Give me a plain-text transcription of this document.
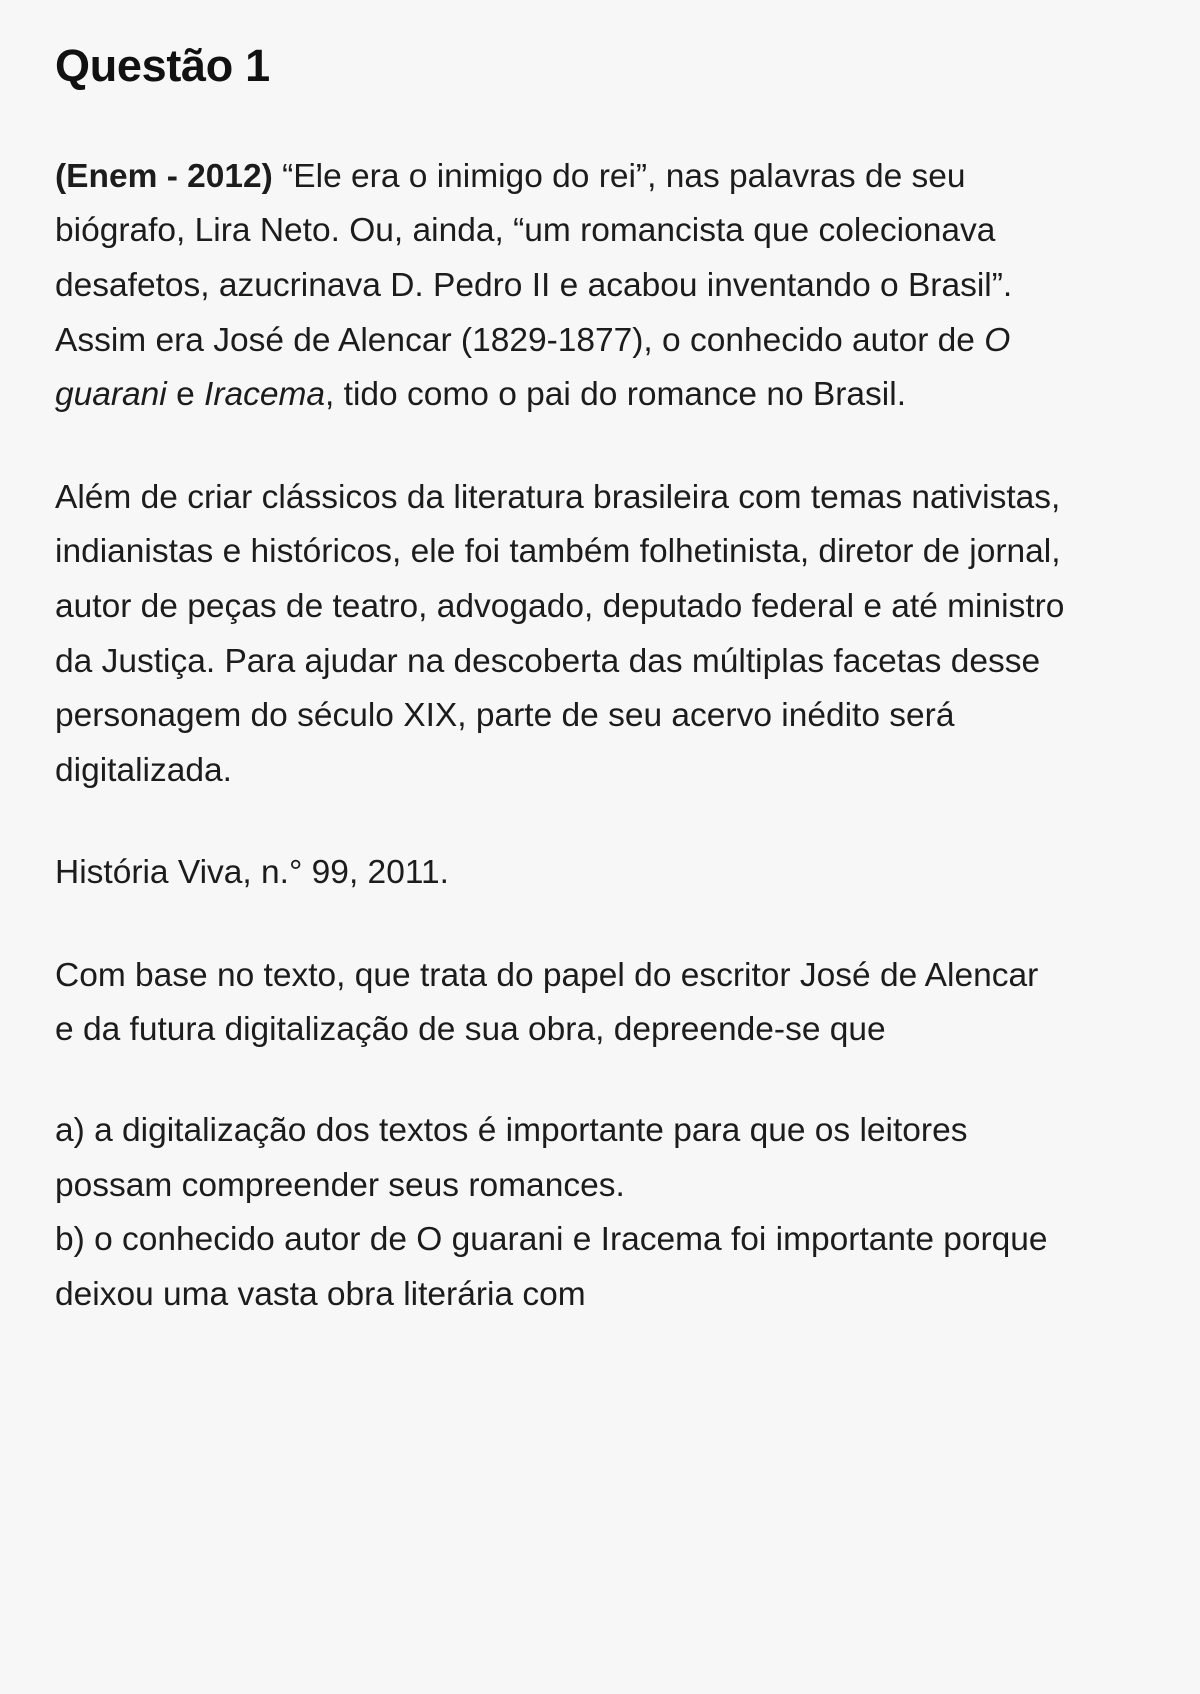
Questão 1

(Enem - 2012) “Ele era o inimigo do rei”, nas palavras de seu biógrafo, Lira Neto. Ou, ainda, “um romancista que colecionava desafetos, azucrinava D. Pedro II e acabou inventando o Brasil”. Assim era José de Alencar (1829-1877), o conhecido autor de O guarani e Iracema, tido como o pai do romance no Brasil.

Além de criar clássicos da literatura brasileira com temas nativistas, indianistas e históricos, ele foi também folhetinista, diretor de jornal, autor de peças de teatro, advogado, deputado federal e até ministro da Justiça. Para ajudar na descoberta das múltiplas facetas desse personagem do século XIX, parte de seu acervo inédito será digitalizada.

História Viva, n.° 99, 2011.

Com base no texto, que trata do papel do escritor José de Alencar e da futura digitalização de sua obra, depreende-se que

a) a digitalização dos textos é importante para que os leitores possam compreender seus romances.

b) o conhecido autor de O guarani e Iracema foi importante porque deixou uma vasta obra literária com
